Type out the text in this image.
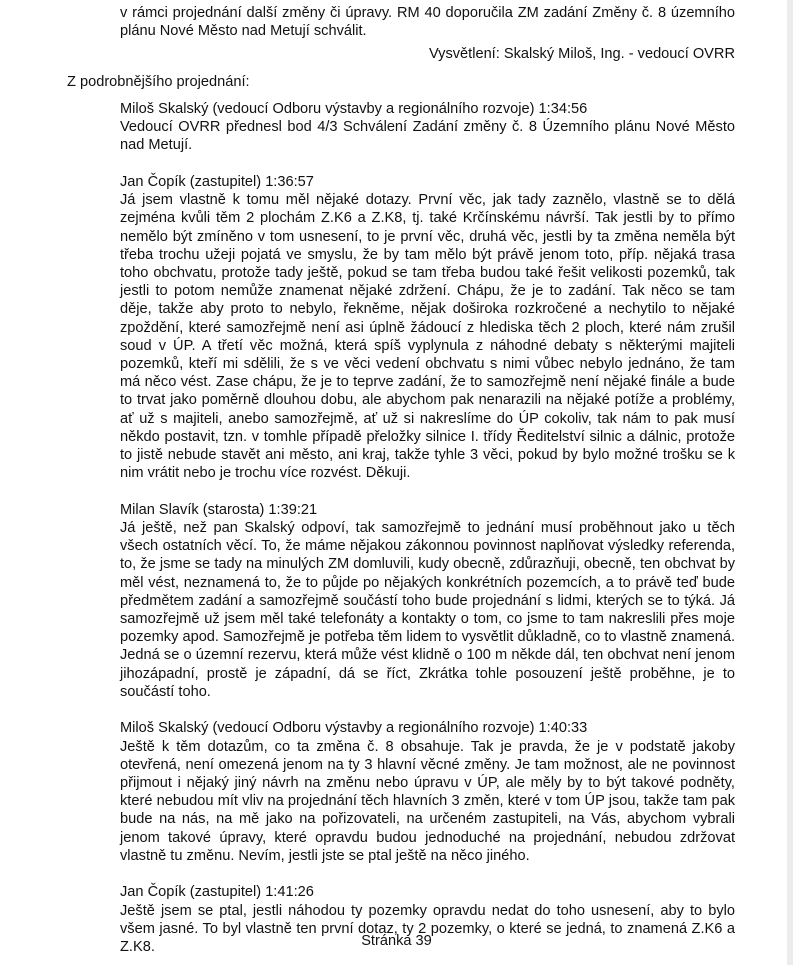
v rámci projednání další změny či úpravy. RM 40 doporučila ZM zadání Změny č. 8 územního plánu Nové Město nad Metují schválit.

Vysvětlení: Skalský Miloš, Ing. - vedoucí OVRR

Z podrobnějšího projednání:

Miloš Skalský (vedoucí Odboru výstavby a regionálního rozvoje) 1:34:56

Vedoucí OVRR přednesl bod 4/3 Schválení Zadání změny č. 8 Územního plánu Nové Město nad Metují.

Jan Čopík (zastupitel) 1:36:57

Já jsem vlastně k tomu měl nějaké dotazy. První věc, jak tady zaznělo, vlastně se to dělá zejména kvůli těm 2 plochám Z.K6 a Z.K8, tj. také Krčínskému návrší. Tak jestli by to přímo nemělo být zmíněno v tom usnesení, to je první věc, druhá věc, jestli by ta změna neměla být třeba trochu užeji pojatá ve smyslu, že by tam mělo být právě jenom toto, příp. nějaká trasa toho obchvatu, protože tady ještě, pokud se tam třeba budou také řešit velikosti pozemků, tak jestli to potom nemůže znamenat nějaké zdržení. Chápu, že je to zadání. Tak něco se tam děje, takže aby proto to nebylo, řekněme, nějak doširoka rozkročené a nechytilo to nějaké zpoždění, které samozřejmě není asi úplně žádoucí z hlediska těch 2 ploch, které nám zrušil soud v ÚP. A třetí věc možná, která spíš vyplynula z náhodné debaty s některými majiteli pozemků, kteří mi sdělili, že s ve věci vedení obchvatu s nimi vůbec nebylo jednáno, že tam má něco vést. Zase chápu, že je to teprve zadání, že to samozřejmě není nějaké finále a bude to trvat jako poměrně dlouhou dobu, ale abychom pak nenarazili na nějaké potíže a problémy, ať už s majiteli, anebo samozřejmě, ať už si nakreslíme do ÚP cokoliv, tak nám to pak musí někdo postavit, tzn. v tomhle případě přeložky silnice I. třídy Ředitelství silnic a dálnic, protože to jistě nebude stavět ani město, ani kraj, takže tyhle 3 věci, pokud by bylo možné trošku se k nim vrátit nebo je trochu více rozvést. Děkuji.

Milan Slavík (starosta) 1:39:21

Já ještě, než pan Skalský odpoví, tak samozřejmě to jednání musí proběhnout jako u těch všech ostatních věcí. To, že máme nějakou zákonnou povinnost naplňovat výsledky referenda, to, že jsme se tady na minulých ZM domluvili, kudy obecně, zdůrazňuji, obecně, ten obchvat by měl vést, neznamená to, že to půjde po nějakých konkrétních pozemcích, a to právě teď bude předmětem zadání a samozřejmě součástí toho bude projednání s lidmi, kterých se to týká. Já samozřejmě už jsem měl také telefonáty a kontakty o tom, co jsme to tam nakreslili přes moje pozemky apod. Samozřejmě je potřeba těm lidem to vysvětlit důkladně, co to vlastně znamená. Jedná se o územní rezervu, která může vést klidně o 100 m někde dál, ten obchvat není jenom jihozápadní, prostě je západní, dá se říct, Zkrátka tohle posouzení ještě proběhne, je to součástí toho.

Miloš Skalský (vedoucí Odboru výstavby a regionálního rozvoje) 1:40:33

Ještě k těm dotazům, co ta změna č. 8 obsahuje. Tak je pravda, že je v podstatě jakoby otevřená, není omezená jenom na ty 3 hlavní věcné změny. Je tam možnost, ale ne povinnost přijmout i nějaký jiný návrh na změnu nebo úpravu v ÚP, ale měly by to být takové podněty, které nebudou mít vliv na projednání těch hlavních 3 změn, které v tom ÚP jsou, takže tam pak bude na nás, na mě jako na pořizovateli, na určeném zastupiteli, na Vás, abychom vybrali jenom takové úpravy, které opravdu budou jednoduché na projednání, nebudou zdržovat vlastně tu změnu. Nevím, jestli jste se ptal ještě na něco jiného.

Jan Čopík (zastupitel) 1:41:26

Ještě jsem se ptal, jestli náhodou ty pozemky opravdu nedat do toho usnesení, aby to bylo všem jasné. To byl vlastně ten první dotaz, ty 2 pozemky, o které se jedná, to znamená Z.K6 a Z.K8.	Stránka 39
